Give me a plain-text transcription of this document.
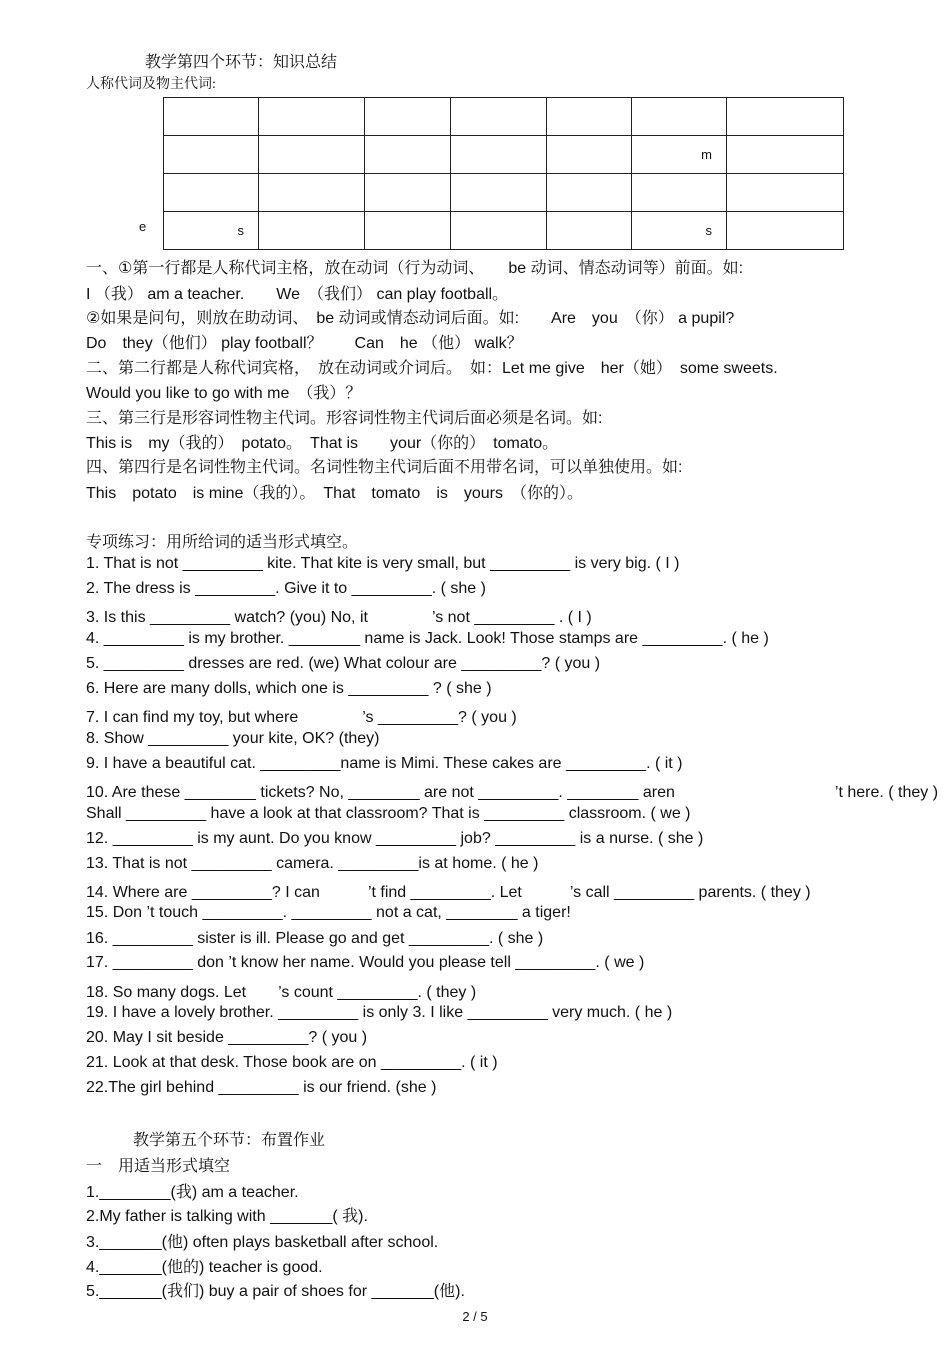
教学第四个环节：知识总结
人称代词及物主代词:
e

					m	

s					s	
一、①第一行都是人称代词主格，放在动词（行为动词、　　be 动词、情态动词等）前面。如:
I （我） am a teacher.　　We　（我们） can play football。
②如果是问句，则放在助动词、　be 动词或情态动词后面。如:　　Are　you　（你） a pupil?
Do　they（他们） play football？　　Can　he （他） walk？
二、第二行都是人称代词宾格，　放在动词或介词后。　如：Let me give　her（她）　some sweets.
Would you like to go with me　（我）？
三、第三行是形容词性物主代词。形容词性物主代词后面必须是名词。如:
This is　my（我的）　potato。　That is　　your（你的）　tomato。
四、第四行是名词性物主代词。名词性物主代词后面不用带名词，可以单独使用。如:
This　potato　is mine（我的）。　That　tomato　is　yours　（你的）。
专项练习：用所给词的适当形式填空。
1. That is not _________ kite. That kite is very small, but _________ is very big. ( I )
2. The dress is _________. Give it to _________. ( she )
3. Is this _________ watch? (you) No, it　　　　’s not _________ . ( I )
4. _________ is my brother. ________ name is Jack. Look! Those stamps are _________. ( he )
5. _________ dresses are red. (we) What colour are _________? ( you )
6. Here are many dolls, which one is _________ ? ( she )
7. I can find my toy, but where　　　　’s _________? ( you )
8. Show _________ your kite, OK? (they)
9. I have a beautiful cat. _________name is Mimi. These cakes are _________. ( it )
10. Are these ________ tickets? No, ________ are not _________. ________ aren　　　　　　　　　　’t here. ( they )
Shall _________ have a look at that classroom? That is _________ classroom. ( we )
12. _________ is my aunt. Do you know _________ job? _________ is a nurse. ( she )
13. That is not _________ camera. _________is at home. ( he )
14. Where are _________? I can　　　’t find _________. Let　　　’s call _________ parents. ( they )
15. Don ’t touch _________. _________ not a cat, ________ a tiger!
16. _________ sister is ill. Please go and get _________. ( she )
17. _________ don ’t know her name. Would you please tell _________. ( we )
18. So many dogs. Let　　’s count _________. ( they )
19. I have a lovely brother. _________ is only 3. I like _________ very much. ( he )
20. May I sit beside _________? ( you )
21. Look at that desk. Those book are on _________. ( it )
22.The girl behind _________ is our friend. (she )
教学第五个环节：布置作业
一　用适当形式填空
1.________(我) am a teacher.
2.My father is talking with _______( 我).
3._______(他) often plays basketball after school.
4._______(他的) teacher is good.
5._______(我们) buy a pair of shoes for _______(他).
2 / 5
